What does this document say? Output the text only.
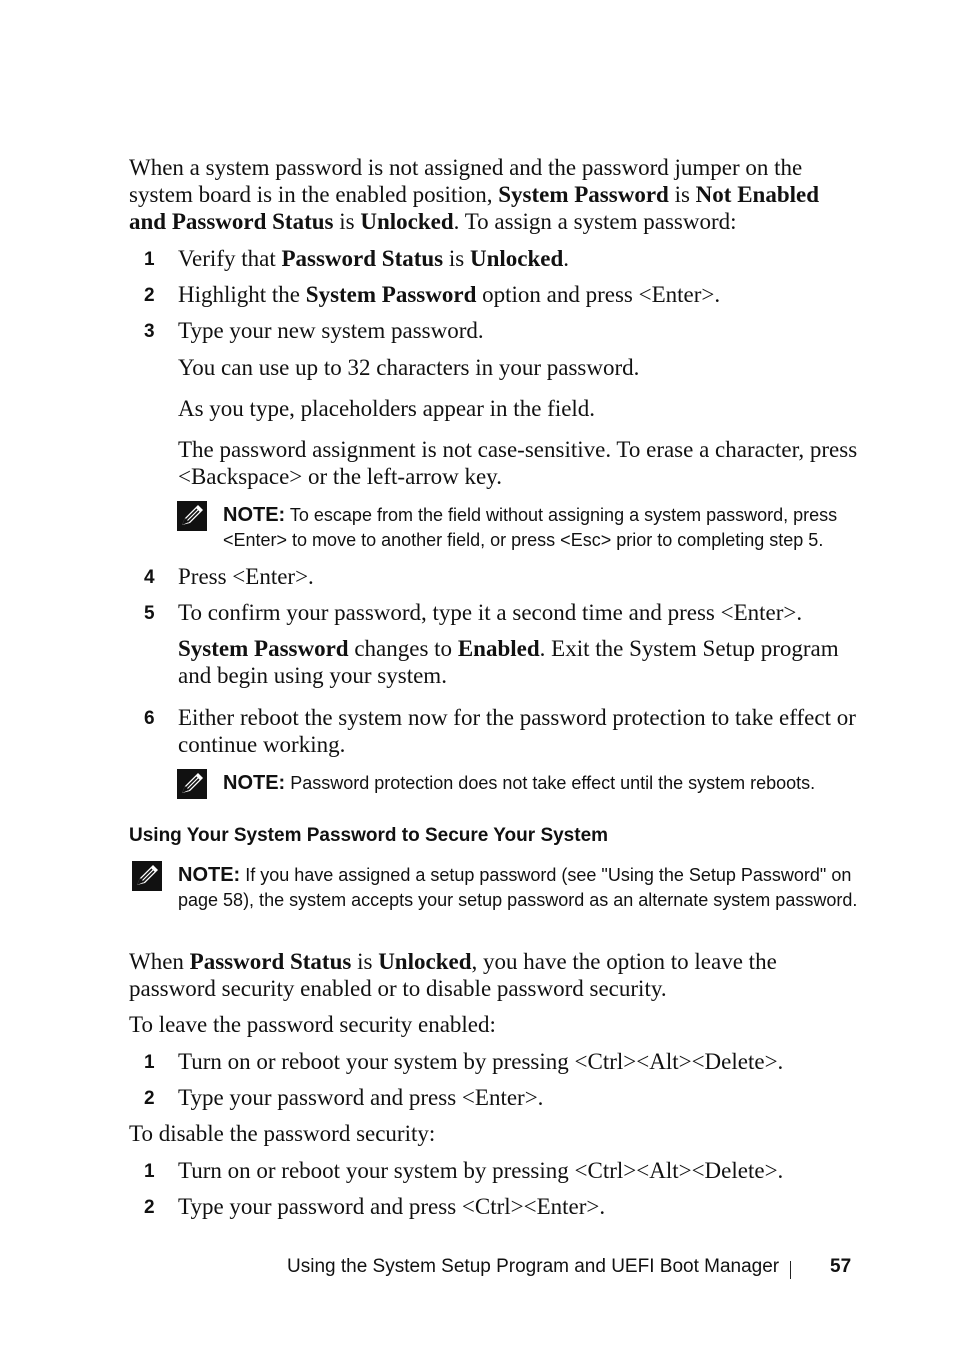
When a system password is not assigned and the password jumper on the system board is in the enabled position, System Password is Not Enabled and Password Status is Unlocked. To assign a system password:

1 Verify that Password Status is Unlocked.

2 Highlight the System Password option and press <Enter>.

3 Type your new system password.

You can use up to 32 characters in your password.

As you type, placeholders appear in the field.

The password assignment is not case-sensitive. To erase a character, press <Backspace> or the left-arrow key.

NOTE: To escape from the field without assigning a system password, press <Enter> to move to another field, or press <Esc> prior to completing step 5.

4 Press <Enter>.

5 To confirm your password, type it a second time and press <Enter>.

System Password changes to Enabled. Exit the System Setup program and begin using your system.

6 Either reboot the system now for the password protection to take effect or continue working.

NOTE: Password protection does not take effect until the system reboots.

Using Your System Password to Secure Your System

NOTE: If you have assigned a setup password (see "Using the Setup Password" on page 58), the system accepts your setup password as an alternate system password.

When Password Status is Unlocked, you have the option to leave the password security enabled or to disable password security.

To leave the password security enabled:

1 Turn on or reboot your system by pressing <Ctrl><Alt><Delete>.

2 Type your password and press <Enter>.

To disable the password security:

1 Turn on or reboot your system by pressing <Ctrl><Alt><Delete>.

2 Type your password and press <Ctrl><Enter>.

Using the System Setup Program and UEFI Boot Manager	57
